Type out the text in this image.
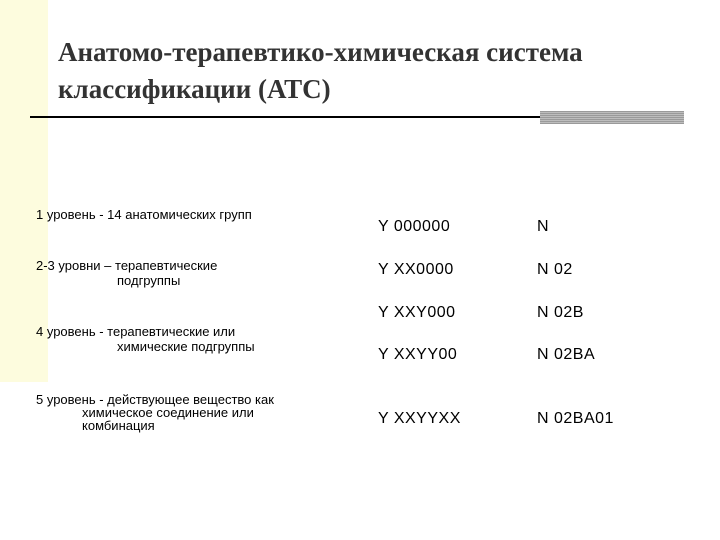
Анатомо-терапевтико-химическая система
классификации (АТС)
1 уровень - 14 анатомических групп
2-3 уровни – терапевтические
подгруппы
4 уровень - терапевтические или
химические подгруппы
5 уровень - действующее вещество как
химическое соединение или
комбинация
Y 000000
Y XX0000
Y XXY000
Y XXYY00
Y XXYYXX
N
N 02
N 02B
N 02BA
N 02BA01
